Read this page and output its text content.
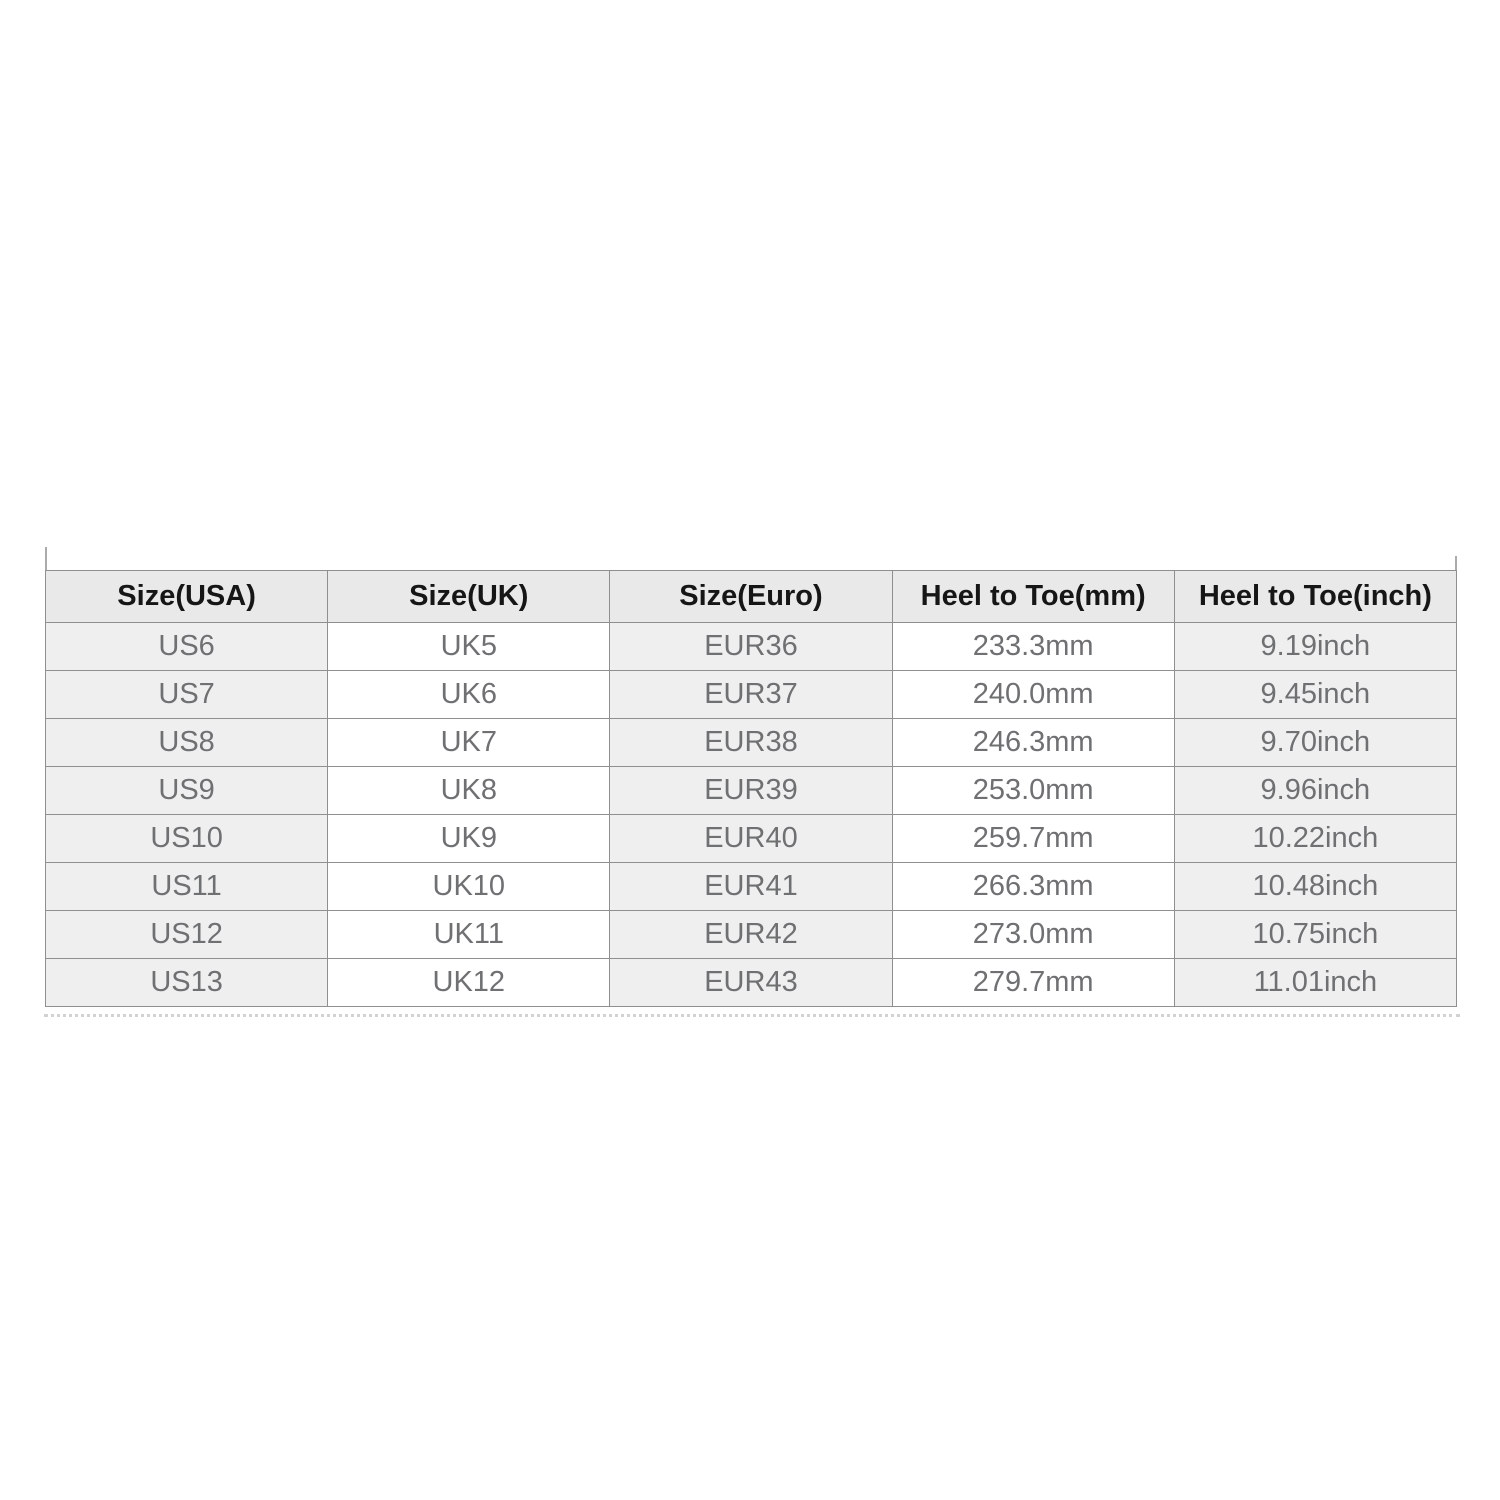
Size(USA)	Size(UK)	Size(Euro)	Heel to Toe(mm)	Heel to Toe(inch)
US6	UK5	EUR36	233.3mm	9.19inch
US7	UK6	EUR37	240.0mm	9.45inch
US8	UK7	EUR38	246.3mm	9.70inch
US9	UK8	EUR39	253.0mm	9.96inch
US10	UK9	EUR40	259.7mm	10.22inch
US11	UK10	EUR41	266.3mm	10.48inch
US12	UK11	EUR42	273.0mm	10.75inch
US13	UK12	EUR43	279.7mm	11.01inch
